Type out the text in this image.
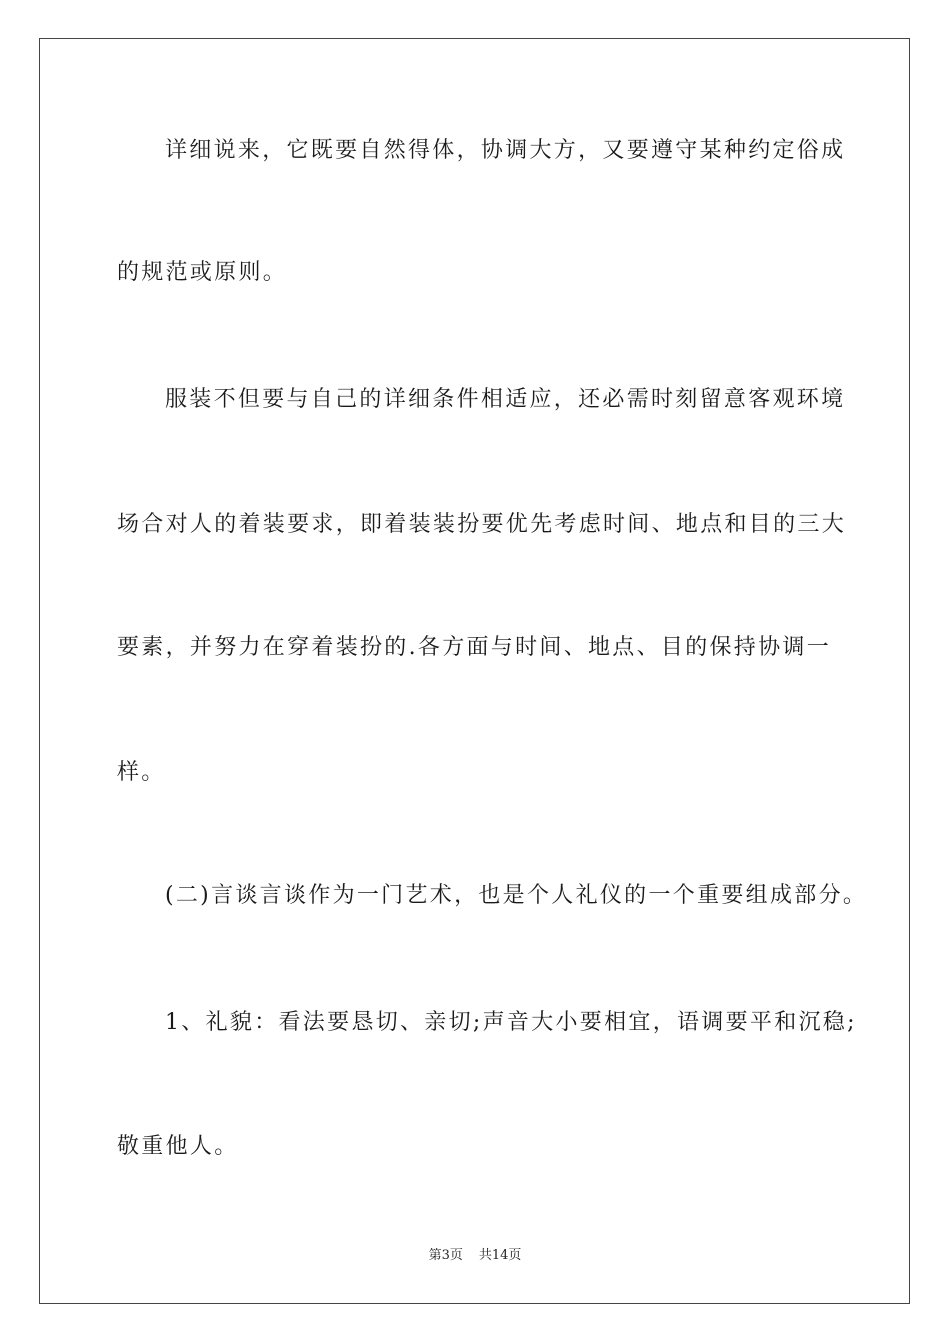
详细说来，它既要自然得体，协调大方，又要遵守某种约定俗成
的规范或原则。
服装不但要与自己的详细条件相适应，还必需时刻留意客观环境
场合对人的着装要求，即着装装扮要优先考虑时间、地点和目的三大
要素，并努力在穿着装扮的.各方面与时间、地点、目的保持协调一
样。
(二)言谈言谈作为一门艺术，也是个人礼仪的一个重要组成部分。
1、礼貌：看法要恳切、亲切;声音大小要相宜，语调要平和沉稳;
敬重他人。
第3页 共14页
